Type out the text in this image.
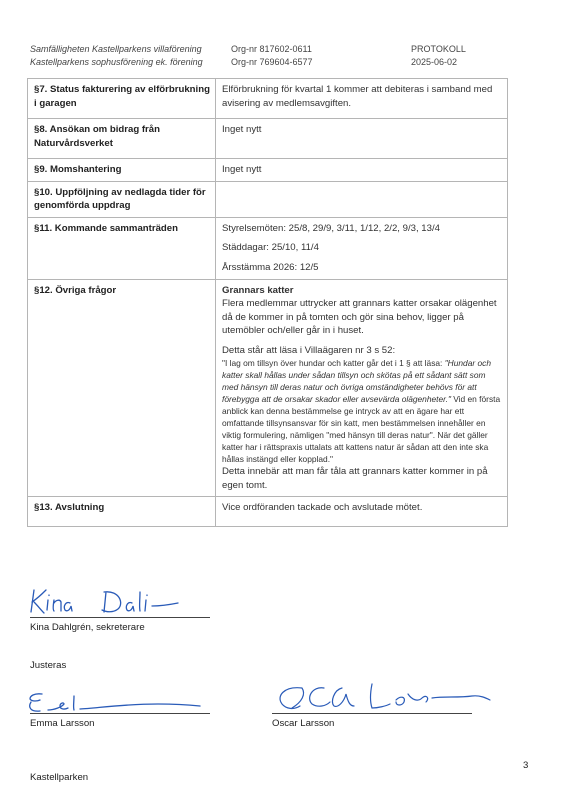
Samfälligheten Kastellparkens villaförening
Kastellparkens sophusförening ek. förening
Org-nr 817602-0611
Org-nr 769604-6577
PROTOKOLL
2025-06-02
§7. Status fakturering av elförbrukning i garagen	Elförbrukning för kvartal 1 kommer att debiteras i samband med avisering av medlemsavgiften.
§8. Ansökan om bidrag från Naturvårdsverket	Inget nytt
§9. Momshantering	Inget nytt
§10. Uppföljning av nedlagda tider för genomförda uppdrag	
§11. Kommande sammanträden	Styrelsemöten: 25/8, 29/9, 3/11, 1/12, 2/2, 9/3, 13/4

Städdagar: 25/10, 11/4

Årsstämma 2026: 12/5

§12. Övriga frågor	Grannars katter

Flera medlemmar uttrycker att grannars katter orsakar olägenhet då de kommer in på tomten och gör sina behov, ligger på utemöbler och/eller går in i huset.

Detta står att läsa i Villaägaren nr 3 s 52:

"I lag om tillsyn över hundar och katter går det i 1 § att läsa: "Hundar och katter skall hållas under sådan tillsyn och skötas på ett sådant sätt som med hänsyn till deras natur och övriga omständigheter behövs för att förebygga att de orsakar skador eller avsevärda olägenheter." Vid en första anblick kan denna bestämmelse ge intryck av att en ägare har ett omfattande tillsynsansvar för sin katt, men bestämmelsen innehåller en viktig formulering, nämligen "med hänsyn till deras natur". När det gäller katter har i rättspraxis uttalats att kattens natur är sådan att den inte ska hållas instängd eller kopplad."

Detta innebär att man får tåla att grannars katter kommer in på egen tomt.

§13. Avslutning	Vice ordföranden tackade och avslutade mötet.
Kina Dahlgrén, sekreterare
Justeras
Emma Larsson	Oscar Larsson
3
Kastellparken
